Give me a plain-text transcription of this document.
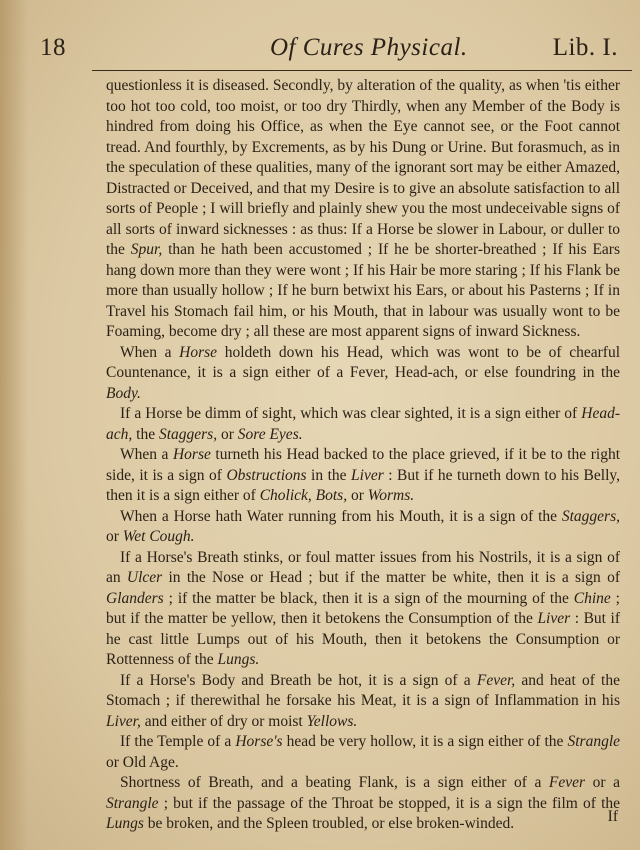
18	Of Cures Physical.	Lib. I.

questionless it is diseased. Secondly, by alteration of the quality, as when 'tis either too hot too cold, too moist, or too dry Thirdly, when any Member of the Body is hindred from doing his Office, as when the Eye cannot see, or the Foot cannot tread. And fourthly, by Excrements, as by his Dung or Urine. But forasmuch, as in the speculation of these qualities, many of the ignorant sort may be either Amazed, Distracted or Deceived, and that my Desire is to give an absolute satisfaction to all sorts of People ; I will briefly and plainly shew you the most undeceivable signs of all sorts of inward sicknesses : as thus: If a Horse be slower in Labour, or duller to the Spur, than he hath been accustomed ; If he be shorter-breathed ; If his Ears hang down more than they were wont ; If his Hair be more staring ; If his Flank be more than usually hollow ; If he burn betwixt his Ears, or about his Pasterns ; If in Travel his Stomach fail him, or his Mouth, that in labour was usually wont to be Foaming, become dry ; all these are most apparent signs of inward Sickness.

When a Horse holdeth down his Head, which was wont to be of chearful Countenance, it is a sign either of a Fever, Head-ach, or else foundring in the Body.

If a Horse be dimm of sight, which was clear sighted, it is a sign either of Head-ach, the Staggers, or Sore Eyes.

When a Horse turneth his Head backed to the place grieved, if it be to the right side, it is a sign of Obstructions in the Liver : But if he turneth down to his Belly, then it is a sign either of Cholick, Bots, or Worms.

When a Horse hath Water running from his Mouth, it is a sign of the Staggers, or Wet Cough.

If a Horse's Breath stinks, or foul matter issues from his Nostrils, it is a sign of an Ulcer in the Nose or Head ; but if the matter be white, then it is a sign of Glanders ; if the matter be black, then it is a sign of the mourning of the Chine ; but if the matter be yellow, then it betokens the Consumption of the Liver : But if he cast little Lumps out of his Mouth, then it betokens the Consumption or Rottenness of the Lungs.

If a Horse's Body and Breath be hot, it is a sign of a Fever, and heat of the Stomach ; if therewithal he forsake his Meat, it is a sign of Inflammation in his Liver, and either of dry or moist Yellows.

If the Temple of a Horse's head be very hollow, it is a sign either of the Strangle or Old Age.

Shortness of Breath, and a beating Flank, is a sign either of a Fever or a Strangle ; but if the passage of the Throat be stopped, it is a sign the film of the Lungs be broken, and the Spleen troubled, or else broken-winded.	If
